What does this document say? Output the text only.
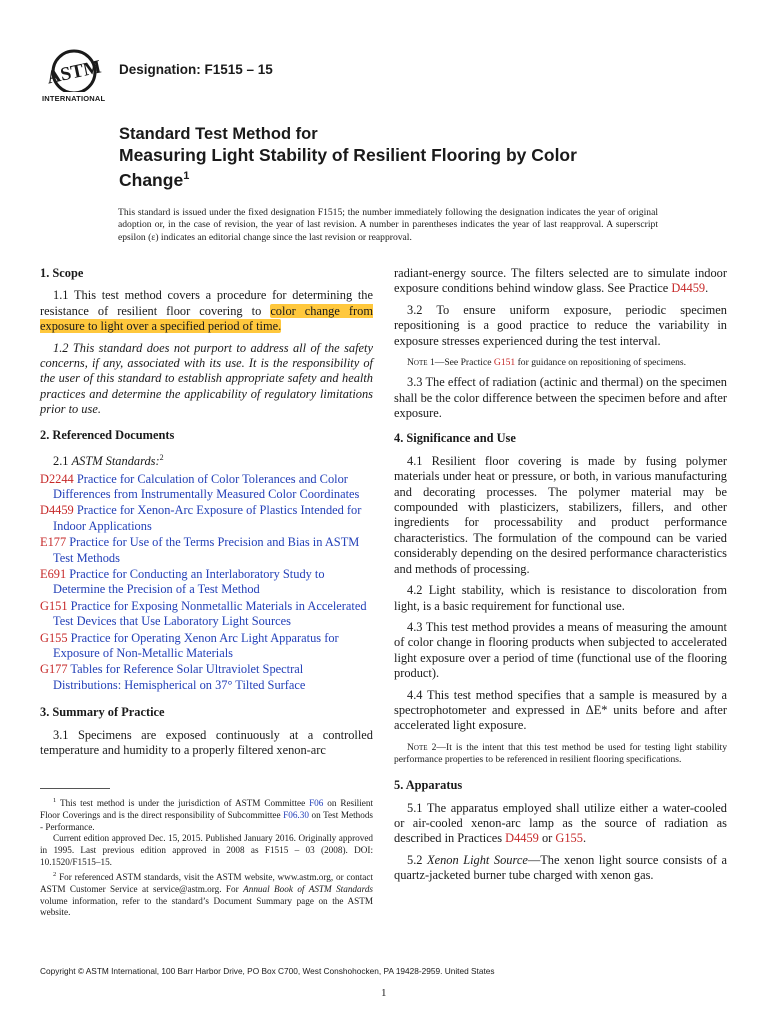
ASTM
INTERNATIONAL
Designation: F1515 – 15
Standard Test Method for
Measuring Light Stability of Resilient Flooring by Color
Change$^1$
This standard is issued under the fixed designation F1515; the number immediately following the designation indicates the year of original adoption or, in the case of revision, the year of last revision. A number in parentheses indicates the year of last reapproval. A superscript epsilon (ε) indicates an editorial change since the last revision or reapproval.
1. Scope

1.1 This test method covers a procedure for determining the resistance of resilient floor covering to color change from exposure to light over a specified period of time.

1.2 This standard does not purport to address all of the safety concerns, if any, associated with its use. It is the responsibility of the user of this standard to establish appropriate safety and health practices and determine the applicability of regulatory limitations prior to use.

2. Referenced Documents

2.1 ASTM Standards:$^2$

D2244 Practice for Calculation of Color Tolerances and Color Differences from Instrumentally Measured Color Coordinates

D4459 Practice for Xenon-Arc Exposure of Plastics Intended for Indoor Applications

E177 Practice for Use of the Terms Precision and Bias in ASTM Test Methods

E691 Practice for Conducting an Interlaboratory Study to Determine the Precision of a Test Method

G151 Practice for Exposing Nonmetallic Materials in Accelerated Test Devices that Use Laboratory Light Sources

G155 Practice for Operating Xenon Arc Light Apparatus for Exposure of Non-Metallic Materials

G177 Tables for Reference Solar Ultraviolet Spectral Distributions: Hemispherical on 37° Tilted Surface

3. Summary of Practice

3.1 Specimens are exposed continuously at a controlled temperature and humidity to a properly filtered xenon-arc

$^1$ This test method is under the jurisdiction of ASTM Committee F06 on Resilient Floor Coverings and is the direct responsibility of Subcommittee F06.30 on Test Methods - Performance.

Current edition approved Dec. 15, 2015. Published January 2016. Originally approved in 1995. Last previous edition approved in 2008 as F1515 – 03 (2008). DOI: 10.1520/F1515–15.

$^2$ For referenced ASTM standards, visit the ASTM website, www.astm.org, or contact ASTM Customer Service at service@astm.org. For Annual Book of ASTM Standards volume information, refer to the standard’s Document Summary page on the ASTM website.

radiant-energy source. The filters selected are to simulate indoor exposure conditions behind window glass. See Practice D4459.

3.2 To ensure uniform exposure, periodic specimen repositioning is a good practice to reduce the variability in exposure stresses experienced during the test interval.

Note 1—See Practice G151 for guidance on repositioning of specimens.

3.3 The effect of radiation (actinic and thermal) on the specimen shall be the color difference between the specimen before and after exposure.

4. Significance and Use

4.1 Resilient floor covering is made by fusing polymer materials under heat or pressure, or both, in various manufacturing and decorating processes. The polymer material may be compounded with plasticizers, stabilizers, fillers, and other ingredients for processability and product performance characteristics. The formulation of the compound can be varied considerably depending on the desired performance characteristics and methods of processing.

4.2 Light stability, which is resistance to discoloration from light, is a basic requirement for functional use.

4.3 This test method provides a means of measuring the amount of color change in flooring products when subjected to accelerated light exposure over a period of time (functional use of the flooring product).

4.4 This test method specifies that a sample is measured by a spectrophotometer and expressed in ΔE* units before and after accelerated light exposure.

Note 2—It is the intent that this test method be used for testing light stability performance properties to be referenced in resilient flooring specifications.

5. Apparatus

5.1 The apparatus employed shall utilize either a water-cooled or air-cooled xenon-arc lamp as the source of radiation as described in Practices D4459 or G155.

5.2 Xenon Light Source—The xenon light source consists of a quartz-jacketed burner tube charged with xenon gas.

Copyright © ASTM International, 100 Barr Harbor Drive, PO Box C700, West Conshohocken, PA 19428-2959. United States
1
